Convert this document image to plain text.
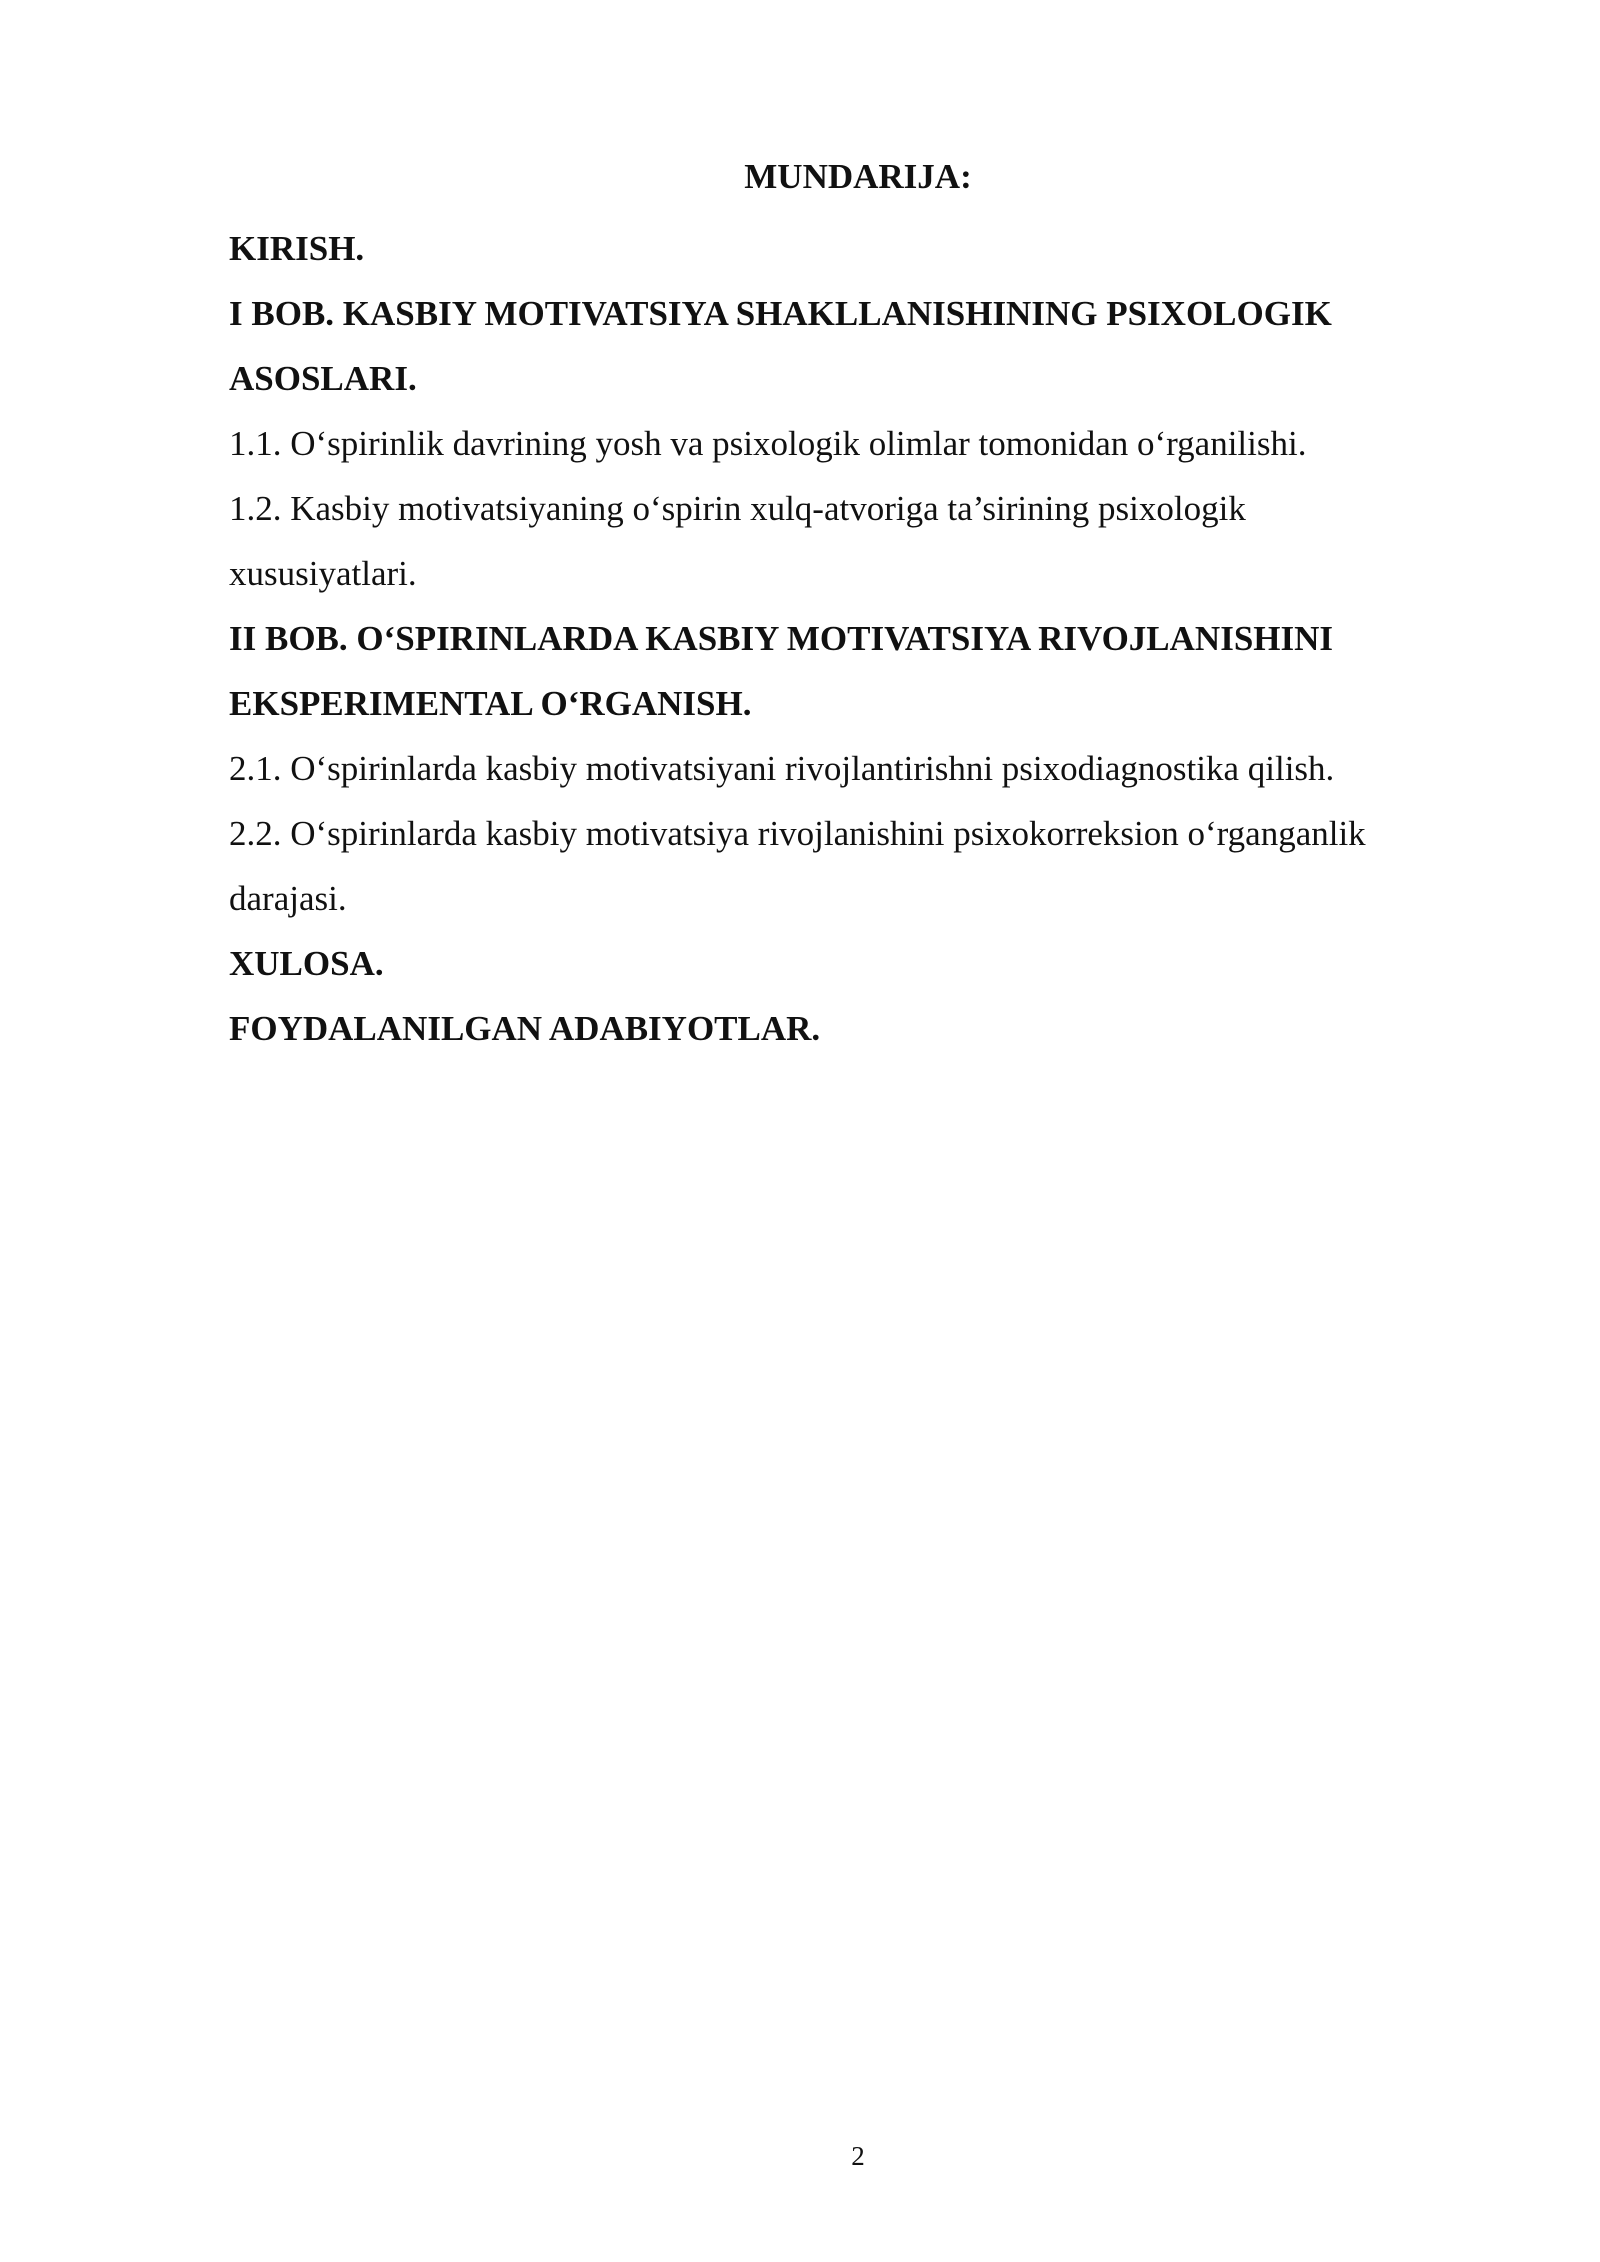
MUNDARIJA:
KIRISH.
I BOB. KASBIY MOTIVATSIYA SHAKLLANISHINING PSIXOLOGIK
ASOSLARI.
1.1. O‘spirinlik davrining yosh va psixologik olimlar tomonidan o‘rganilishi.
1.2. Kasbiy motivatsiyaning o‘spirin xulq-atvoriga ta’sirining psixologik
xususiyatlari.
II BOB. O‘SPIRINLARDA KASBIY MOTIVATSIYA RIVOJLANISHINI
EKSPERIMENTAL O‘RGANISH.
2.1. O‘spirinlarda kasbiy motivatsiyani rivojlantirishni psixodiagnostika qilish.
2.2. O‘spirinlarda kasbiy motivatsiya rivojlanishini psixokorreksion o‘rganganlik
darajasi.
XULOSA.
FOYDALANILGAN ADABIYOTLAR.
2
